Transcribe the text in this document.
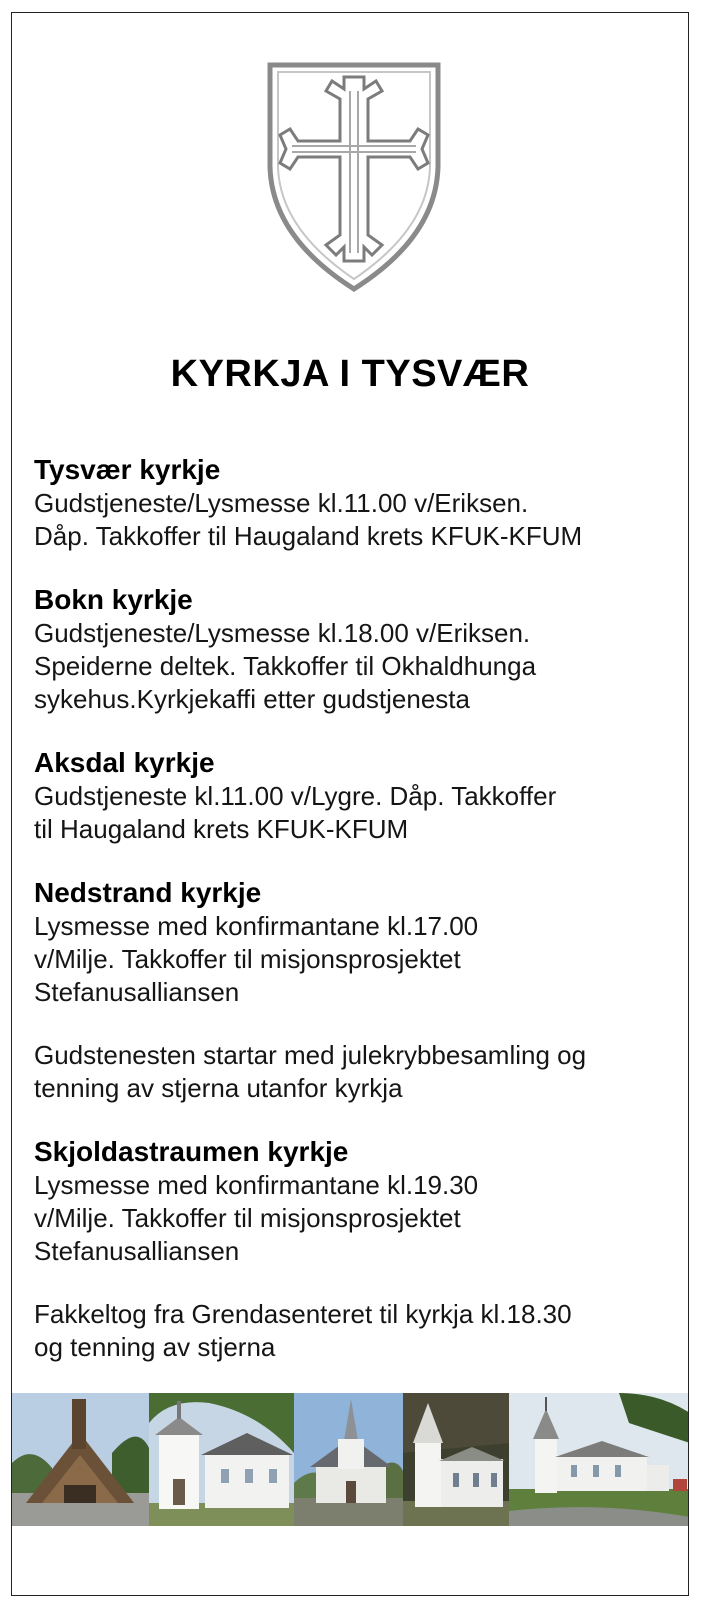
KYRKJA I TYSVÆR
Tysvær kyrkje
Gudstjeneste/Lysmesse kl.11.00 v/Eriksen.
Dåp. Takkoffer til Haugaland krets KFUK-KFUM
Bokn kyrkje
Gudstjeneste/Lysmesse kl.18.00 v/Eriksen.
Speiderne deltek. Takkoffer til Okhaldhunga
sykehus.Kyrkjekaffi etter gudstjenesta
Aksdal kyrkje
Gudstjeneste kl.11.00 v/Lygre. Dåp. Takkoffer
til Haugaland krets KFUK-KFUM
Nedstrand kyrkje
Lysmesse med konfirmantane kl.17.00
v/Milje. Takkoffer til misjonsprosjektet
Stefanusalliansen
Gudstenesten startar med julekrybbesamling og
tenning av stjerna utanfor kyrkja
Skjoldastraumen kyrkje
Lysmesse med konfirmantane kl.19.30
v/Milje. Takkoffer til misjonsprosjektet
Stefanusalliansen
Fakkeltog fra Grendasenteret til kyrkja kl.18.30
og tenning av stjerna
